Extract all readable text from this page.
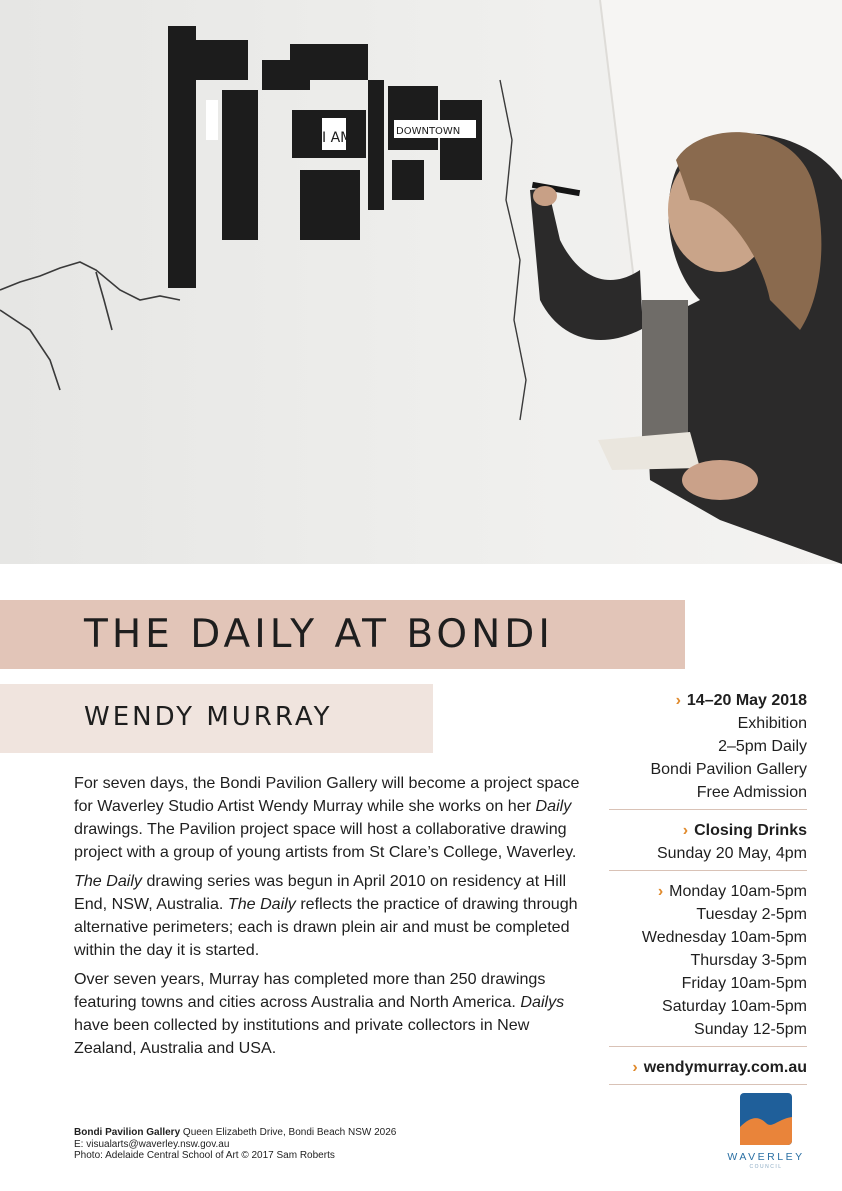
I AM	DOWNTOWN
THE DAILY AT BONDI
WENDY MURRAY

For seven days, the Bondi Pavilion Gallery will become a project space for Waverley Studio Artist Wendy Murray while she works on her Daily drawings. The Pavilion project space will host a collaborative drawing project with a group of young artists from St Clare’s College, Waverley.

The Daily drawing series was begun in April 2010 on residency at Hill End, NSW, Australia. The Daily reflects the practice of drawing through alternative perimeters; each is drawn plein air and must be completed within the day it is started.

Over seven years, Murray has completed more than 250 drawings featuring towns and cities across Australia and North America. Dailys have been collected by institutions and private collectors in New Zealand, Australia and USA.

› 14–20 May 2018
Exhibition
2–5pm Daily
Bondi Pavilion Gallery
Free Admission
› Closing Drinks
Sunday 20 May, 4pm
› Monday 10am-5pm
Tuesday 2-5pm
Wednesday 10am-5pm
Thursday 3-5pm
Friday 10am-5pm
Saturday 10am-5pm
Sunday 12-5pm
› wendymurray.com.au
Bondi Pavilion Gallery Queen Elizabeth Drive, Bondi Beach NSW 2026
E: visualarts@waverley.nsw.gov.au
Photo: Adelaide Central School of Art © 2017 Sam Roberts	WAVERLEY
COUNCIL
